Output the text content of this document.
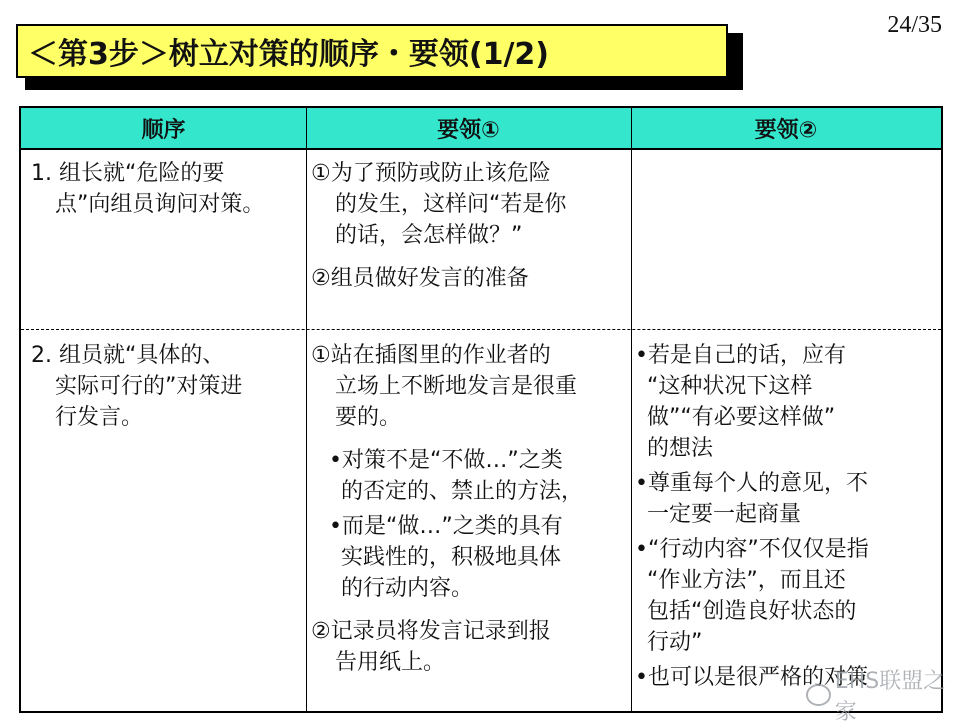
24/35
＜第3步＞树立对策的顺序・要领(1/2)
顺序	要领①	要领②

1. 组长就“危险的要
点”向组员询问对策。

①为了预防或防止该危险
的发生，这样问“若是你
的话，会怎样做？”

②组员做好发言的准备

2. 组员就“具体的、
实际可行的”对策进
行发言。

①站在插图里的作业者的
立场上不断地发言是很重
要的。

•对策不是“不做…”之类
的否定的、禁止的方法，

•而是“做…”之类的具有
实践性的，积极地具体
的行动内容。

②记录员将发言记录到报
告用纸上。

•若是自己的话，应有
“这种状况下这样
做”“有必要这样做”
的想法

•尊重每个人的意见，不
一定要一起商量

•“行动内容”不仅仅是指
“作业方法”，而且还
包括“创造良好状态的
行动”

•也可以是很严格的对策

EHS联盟之家
